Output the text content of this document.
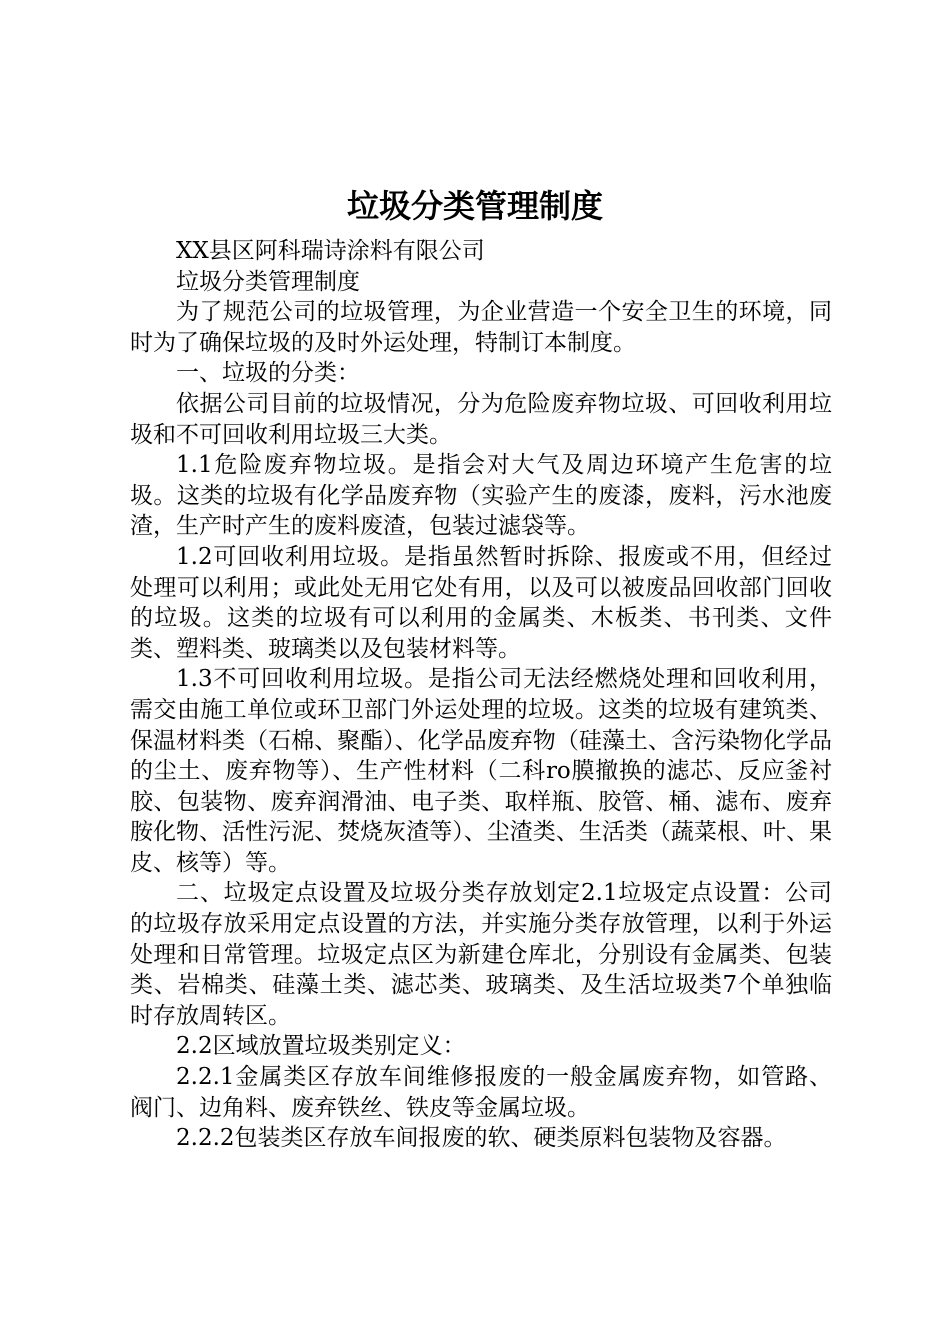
垃圾分类管理制度

XX县区阿科瑞诗涂料有限公司

垃圾分类管理制度

为了规范公司的垃圾管理，为企业营造一个安全卫生的环境，同时为了确保垃圾的及时外运处理，特制订本制度。

一、垃圾的分类：

依据公司目前的垃圾情况，分为危险废弃物垃圾、可回收利用垃圾和不可回收利用垃圾三大类。

1.1危险废弃物垃圾。是指会对大气及周边环境产生危害的垃圾。这类的垃圾有化学品废弃物（实验产生的废漆，废料，污水池废渣，生产时产生的废料废渣，包装过滤袋等。

1.2可回收利用垃圾。是指虽然暂时拆除、报废或不用，但经过处理可以利用；或此处无用它处有用，以及可以被废品回收部门回收的垃圾。这类的垃圾有可以利用的金属类、木板类、书刊类、文件类、塑料类、玻璃类以及包装材料等。

1.3不可回收利用垃圾。是指公司无法经燃烧处理和回收利用，需交由施工单位或环卫部门外运处理的垃圾。这类的垃圾有建筑类、保温材料类（石棉、聚酯）、化学品废弃物（硅藻土、含污染物化学品的尘土、废弃物等）、生产性材料（二科ro膜撤换的滤芯、反应釜衬胶、包装物、废弃润滑油、电子类、取样瓶、胶管、桶、滤布、废弃胺化物、活性污泥、焚烧灰渣等）、尘渣类、生活类（蔬菜根、叶、果皮、核等）等。

二、垃圾定点设置及垃圾分类存放划定2.1垃圾定点设置：公司的垃圾存放采用定点设置的方法，并实施分类存放管理，以利于外运处理和日常管理。垃圾定点区为新建仓库北，分别设有金属类、包装类、岩棉类、硅藻土类、滤芯类、玻璃类、及生活垃圾类7个单独临时存放周转区。

2.2区域放置垃圾类别定义：

2.2.1金属类区存放车间维修报废的一般金属废弃物，如管路、阀门、边角料、废弃铁丝、铁皮等金属垃圾。

2.2.2包装类区存放车间报废的软、硬类原料包装物及容器。
